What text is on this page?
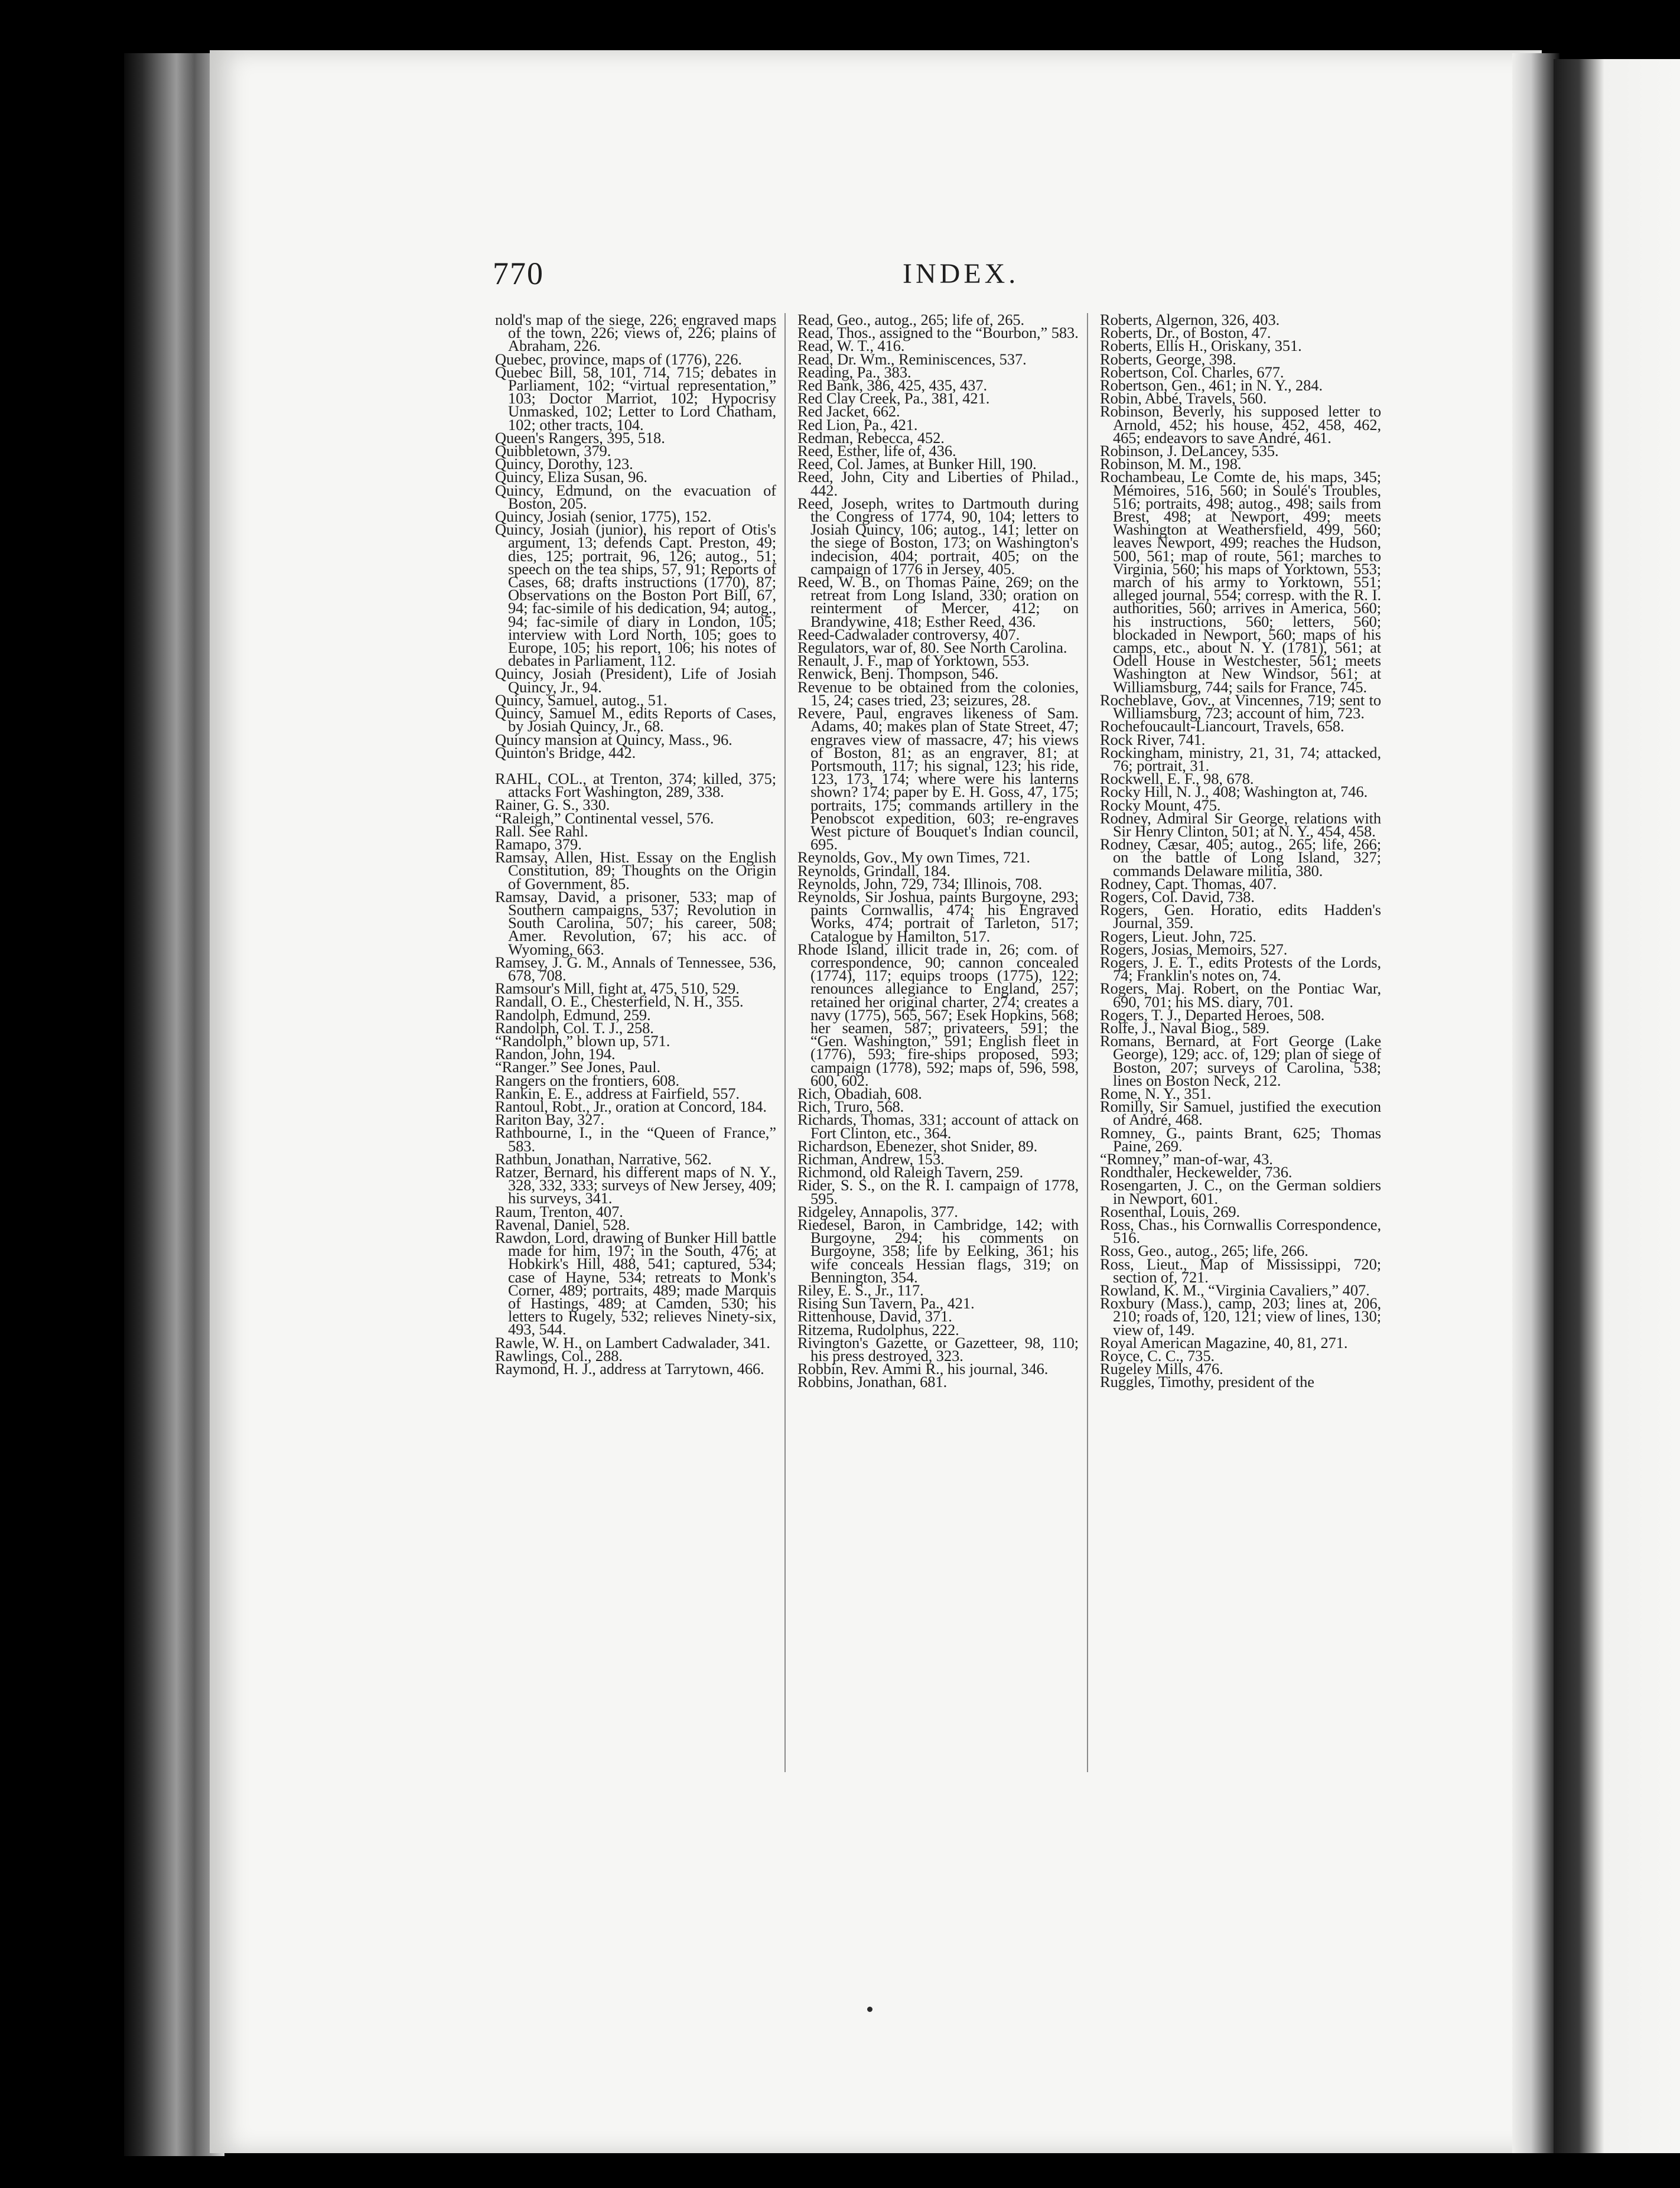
770	INDEX.

nold's map of the siege, 226; engraved maps of the town, 226; views of, 226; plains of Abraham, 226.

Quebec, province, maps of (1776), 226.

Quebec Bill, 58, 101, 714, 715; debates in Parliament, 102; “virtual representation,” 103; Doctor Marriot, 102; Hypocrisy Unmasked, 102; Letter to Lord Chatham, 102; other tracts, 104.

Queen's Rangers, 395, 518.

Quibbletown, 379.

Quincy, Dorothy, 123.

Quincy, Eliza Susan, 96.

Quincy, Edmund, on the evacuation of Boston, 205.

Quincy, Josiah (senior, 1775), 152.

Quincy, Josiah (junior), his report of Otis's argument, 13; defends Capt. Preston, 49; dies, 125; portrait, 96, 126; autog., 51; speech on the tea ships, 57, 91; Reports of Cases, 68; drafts instructions (1770), 87; Observations on the Boston Port Bill, 67, 94; fac-simile of his dedication, 94; autog., 94; fac-simile of diary in London, 105; interview with Lord North, 105; goes to Europe, 105; his report, 106; his notes of debates in Parliament, 112.

Quincy, Josiah (President), Life of Josiah Quincy, Jr., 94.

Quincy, Samuel, autog., 51.

Quincy, Samuel M., edits Reports of Cases, by Josiah Quincy, Jr., 68.

Quincy mansion at Quincy, Mass., 96.

Quinton's Bridge, 442.

RAHL, COL., at Trenton, 374; killed, 375; attacks Fort Washington, 289, 338.

Rainer, G. S., 330.

“Raleigh,” Continental vessel, 576.

Rall. See Rahl.

Ramapo, 379.

Ramsay, Allen, Hist. Essay on the English Constitution, 89; Thoughts on the Origin of Government, 85.

Ramsay, David, a prisoner, 533; map of Southern campaigns, 537; Revolution in South Carolina, 507; his career, 508; Amer. Revolution, 67; his acc. of Wyoming, 663.

Ramsey, J. G. M., Annals of Tennessee, 536, 678, 708.

Ramsour's Mill, fight at, 475, 510, 529.

Randall, O. E., Chesterfield, N. H., 355.

Randolph, Edmund, 259.

Randolph, Col. T. J., 258.

“Randolph,” blown up, 571.

Randon, John, 194.

“Ranger.” See Jones, Paul.

Rangers on the frontiers, 608.

Rankin, E. E., address at Fairfield, 557.

Rantoul, Robt., Jr., oration at Concord, 184.

Rariton Bay, 327.

Rathbourne, I., in the “Queen of France,” 583.

Rathbun, Jonathan, Narrative, 562.

Ratzer, Bernard, his different maps of N. Y., 328, 332, 333; surveys of New Jersey, 409; his surveys, 341.

Raum, Trenton, 407.

Ravenal, Daniel, 528.

Rawdon, Lord, drawing of Bunker Hill battle made for him, 197; in the South, 476; at Hobkirk's Hill, 488, 541; captured, 534; case of Hayne, 534; retreats to Monk's Corner, 489; portraits, 489; made Marquis of Hastings, 489; at Camden, 530; his letters to Rugely, 532; relieves Ninety-six, 493, 544.

Rawle, W. H., on Lambert Cadwalader, 341.

Rawlings, Col., 288.

Raymond, H. J., address at Tarrytown, 466.

Read, Geo., autog., 265; life of, 265.

Read, Thos., assigned to the “Bourbon,” 583.

Read, W. T., 416.

Read, Dr. Wm., Reminiscences, 537.

Reading, Pa., 383.

Red Bank, 386, 425, 435, 437.

Red Clay Creek, Pa., 381, 421.

Red Jacket, 662.

Red Lion, Pa., 421.

Redman, Rebecca, 452.

Reed, Esther, life of, 436.

Reed, Col. James, at Bunker Hill, 190.

Reed, John, City and Liberties of Philad., 442.

Reed, Joseph, writes to Dartmouth during the Congress of 1774, 90, 104; letters to Josiah Quincy, 106; autog., 141; letter on the siege of Boston, 173; on Washington's indecision, 404; portrait, 405; on the campaign of 1776 in Jersey, 405.

Reed, W. B., on Thomas Paine, 269; on the retreat from Long Island, 330; oration on reinterment of Mercer, 412; on Brandywine, 418; Esther Reed, 436.

Reed-Cadwalader controversy, 407.

Regulators, war of, 80. See North Carolina.

Renault, J. F., map of Yorktown, 553.

Renwick, Benj. Thompson, 546.

Revenue to be obtained from the colonies, 15, 24; cases tried, 23; seizures, 28.

Revere, Paul, engraves likeness of Sam. Adams, 40; makes plan of State Street, 47; engraves view of massacre, 47; his views of Boston, 81; as an engraver, 81; at Portsmouth, 117; his signal, 123; his ride, 123, 173, 174; where were his lanterns shown? 174; paper by E. H. Goss, 47, 175; portraits, 175; commands artillery in the Penobscot expedition, 603; re-engraves West picture of Bouquet's Indian council, 695.

Reynolds, Gov., My own Times, 721.

Reynolds, Grindall, 184.

Reynolds, John, 729, 734; Illinois, 708.

Reynolds, Sir Joshua, paints Burgoyne, 293; paints Cornwallis, 474; his Engraved Works, 474; portrait of Tarleton, 517; Catalogue by Hamilton, 517.

Rhode Island, illicit trade in, 26; com. of correspondence, 90; cannon concealed (1774), 117; equips troops (1775), 122; renounces allegiance to England, 257; retained her original charter, 274; creates a navy (1775), 565, 567; Esek Hopkins, 568; her seamen, 587; privateers, 591; the “Gen. Washington,” 591; English fleet in (1776), 593; fire-ships proposed, 593; campaign (1778), 592; maps of, 596, 598, 600, 602.

Rich, Obadiah, 608.

Rich, Truro, 568.

Richards, Thomas, 331; account of attack on Fort Clinton, etc., 364.

Richardson, Ebenezer, shot Snider, 89.

Richman, Andrew, 153.

Richmond, old Raleigh Tavern, 259.

Rider, S. S., on the R. I. campaign of 1778, 595.

Ridgeley, Annapolis, 377.

Riedesel, Baron, in Cambridge, 142; with Burgoyne, 294; his comments on Burgoyne, 358; life by Eelking, 361; his wife conceals Hessian flags, 319; on Bennington, 354.

Riley, E. S., Jr., 117.

Rising Sun Tavern, Pa., 421.

Rittenhouse, David, 371.

Ritzema, Rudolphus, 222.

Rivington's Gazette, or Gazetteer, 98, 110; his press destroyed, 323.

Robbin, Rev. Ammi R., his journal, 346.

Robbins, Jonathan, 681.

Roberts, Algernon, 326, 403.

Roberts, Dr., of Boston, 47.

Roberts, Ellis H., Oriskany, 351.

Roberts, George, 398.

Robertson, Col. Charles, 677.

Robertson, Gen., 461; in N. Y., 284.

Robin, Abbé, Travels, 560.

Robinson, Beverly, his supposed letter to Arnold, 452; his house, 452, 458, 462, 465; endeavors to save André, 461.

Robinson, J. DeLancey, 535.

Robinson, M. M., 198.

Rochambeau, Le Comte de, his maps, 345; Mémoires, 516, 560; in Soulé's Troubles, 516; portraits, 498; autog., 498; sails from Brest, 498; at Newport, 499; meets Washington at Weathersfield, 499, 560; leaves Newport, 499; reaches the Hudson, 500, 561; map of route, 561; marches to Virginia, 560; his maps of Yorktown, 553; march of his army to Yorktown, 551; alleged journal, 554; corresp. with the R. I. authorities, 560; arrives in America, 560; his instructions, 560; letters, 560; blockaded in Newport, 560; maps of his camps, etc., about N. Y. (1781), 561; at Odell House in Westchester, 561; meets Washington at New Windsor, 561; at Williamsburg, 744; sails for France, 745.

Rocheblave, Gov., at Vincennes, 719; sent to Williamsburg, 723; account of him, 723.

Rochefoucault-Liancourt, Travels, 658.

Rock River, 741.

Rockingham, ministry, 21, 31, 74; attacked, 76; portrait, 31.

Rockwell, E. F., 98, 678.

Rocky Hill, N. J., 408; Washington at, 746.

Rocky Mount, 475.

Rodney, Admiral Sir George, relations with Sir Henry Clinton, 501; at N. Y., 454, 458.

Rodney, Cæsar, 405; autog., 265; life, 266; on the battle of Long Island, 327; commands Delaware militia, 380.

Rodney, Capt. Thomas, 407.

Rogers, Col. David, 738.

Rogers, Gen. Horatio, edits Hadden's Journal, 359.

Rogers, Lieut. John, 725.

Rogers, Josias, Memoirs, 527.

Rogers, J. E. T., edits Protests of the Lords, 74; Franklin's notes on, 74.

Rogers, Maj. Robert, on the Pontiac War, 690, 701; his MS. diary, 701.

Rogers, T. J., Departed Heroes, 508.

Rolfe, J., Naval Biog., 589.

Romans, Bernard, at Fort George (Lake George), 129; acc. of, 129; plan of siege of Boston, 207; surveys of Carolina, 538; lines on Boston Neck, 212.

Rome, N. Y., 351.

Romilly, Sir Samuel, justified the execution of André, 468.

Romney, G., paints Brant, 625; Thomas Paine, 269.

“Romney,” man-of-war, 43.

Rondthaler, Heckewelder, 736.

Rosengarten, J. C., on the German soldiers in Newport, 601.

Rosenthal, Louis, 269.

Ross, Chas., his Cornwallis Correspondence, 516.

Ross, Geo., autog., 265; life, 266.

Ross, Lieut., Map of Mississippi, 720; section of, 721.

Rowland, K. M., “Virginia Cavaliers,” 407.

Roxbury (Mass.), camp, 203; lines at, 206, 210; roads of, 120, 121; view of lines, 130; view of, 149.

Royal American Magazine, 40, 81, 271.

Royce, C. C., 735.

Rugeley Mills, 476.

Ruggles, Timothy, president of the
